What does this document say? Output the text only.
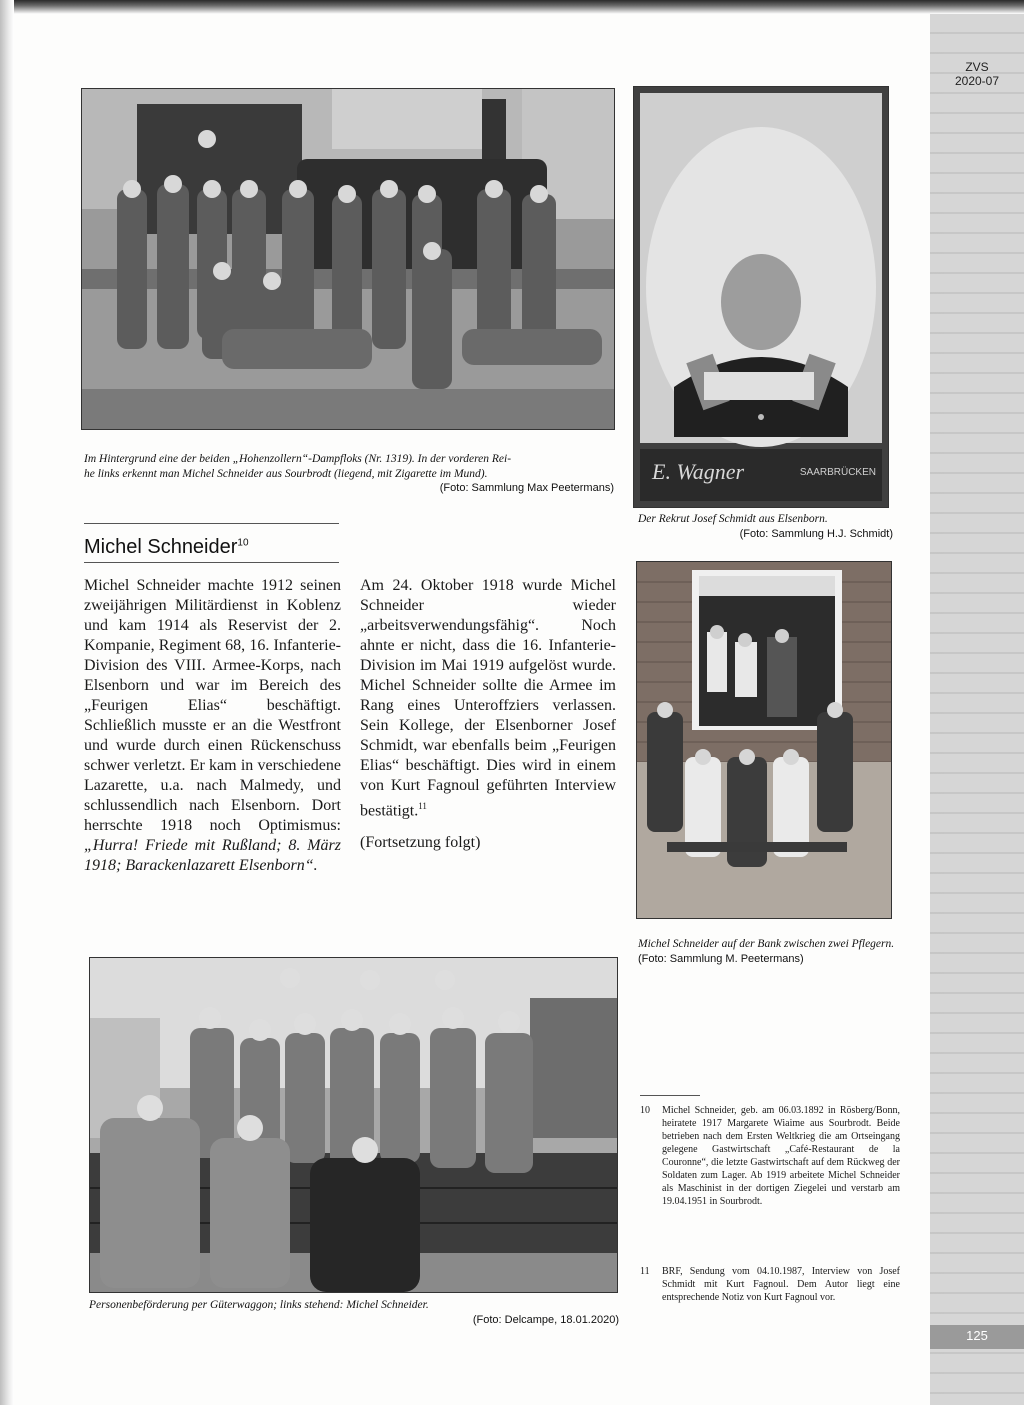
ZVS
2020-07
125
Im Hintergrund eine der beiden „Hohenzollern“-Dampfloks (Nr. 1319). In der vorderen Rei-
he links erkennt man Michel Schneider aus Sourbrodt (liegend, mit Zigarette im Mund).
(Foto: Sammlung Max Peetermans)
E. Wagner	SAARBRÜCKEN
Der Rekrut Josef Schmidt aus Elsenborn.
(Foto: Sammlung H.J. Schmidt)
Michel Schneider$^{10}$

Michel Schneider machte 1912 seinen zweijährigen Militärdienst in Koblenz und kam 1914 als Reservist der 2. Kompanie, Regiment 68, 16. Infanterie-Division des VIII. Armee-Korps, nach Elsenborn und war im Bereich des „Feurigen Elias“ beschäftigt. Schließlich musste er an die Westfront und wurde durch einen Rückenschuss schwer verletzt. Er kam in verschiedene Lazarette, u.a. nach Malmedy, und schlussendlich nach Elsenborn. Dort herrschte 1918 noch Optimismus: „Hurra! Friede mit Rußland; 8. März 1918; Barackenlazarett Elsenborn“.

Am 24. Oktober 1918 wurde Michel Schneider wieder „arbeitsverwendungsfähig“. Noch ahnte er nicht, dass die 16. Infanterie-Division im Mai 1919 aufgelöst wurde. Michel Schneider sollte die Armee im Rang eines Unteroffziers verlassen. Sein Kollege, der Elsenborner Josef Schmidt, war ebenfalls beim „Feurigen Elias“ beschäftigt. Dies wird in einem von Kurt Fagnoul geführten Interview bestätigt.$^{11}$

(Fortsetzung folgt)

Michel Schneider auf der Bank zwischen zwei Pflegern. (Foto: Sammlung M. Peetermans)
Personenbeförderung per Güterwaggon; links stehend: Michel Schneider.
(Foto: Delcampe, 18.01.2020)
10	Michel Schneider, geb. am 06.03.1892 in Rösberg/Bonn, heiratete 1917 Margarete Wiaime aus Sourbrodt. Beide betrieben nach dem Ersten Weltkrieg die am Ortseingang gelegene Gastwirtschaft „Café-Restaurant de la Couronne“, die letzte Gastwirtschaft auf dem Rückweg der Soldaten zum Lager. Ab 1919 arbeitete Michel Schneider als Maschinist in der dortigen Ziegelei und verstarb am 19.04.1951 in Sourbrodt.
11	BRF, Sendung vom 04.10.1987, Interview von Josef Schmidt mit Kurt Fagnoul. Dem Autor liegt eine entsprechende Notiz von Kurt Fagnoul vor.
